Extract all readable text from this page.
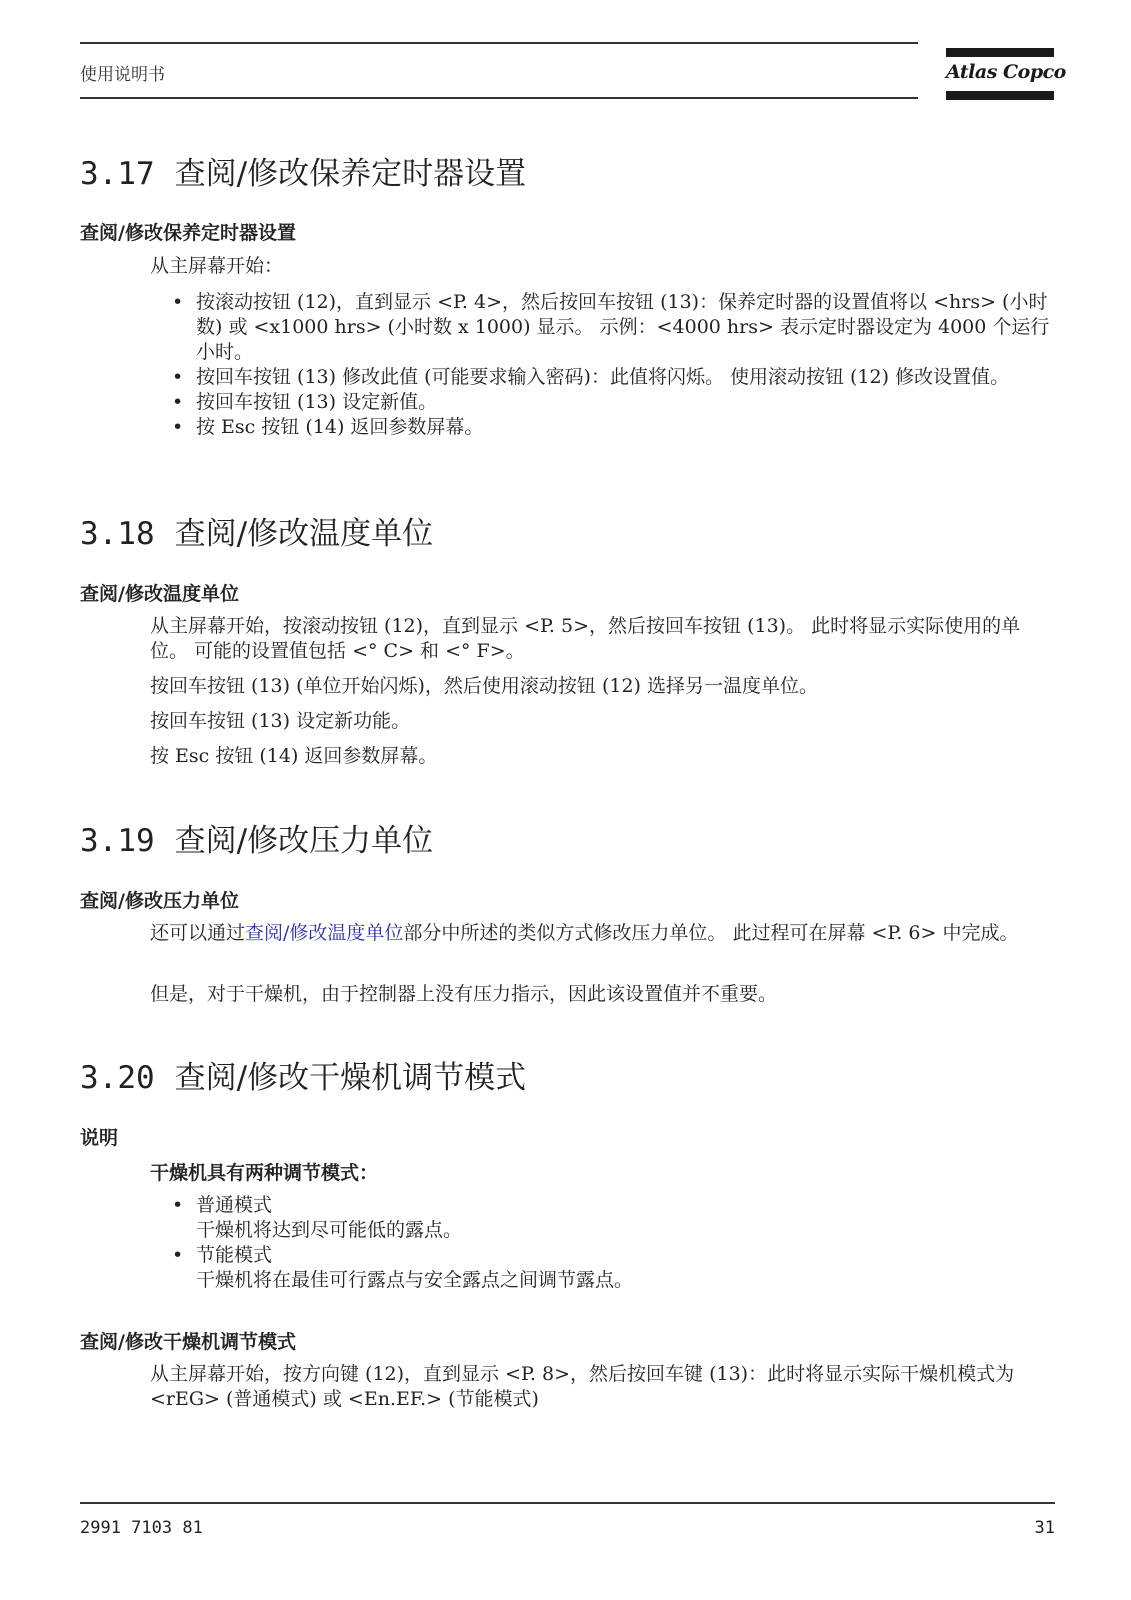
使用说明书	Atlas Copco
3.17 查阅/修改保养定时器设置
查阅/修改保养定时器设置

从主屏幕开始：

• 按滚动按钮 (12)，直到显示 <P. 4>，然后按回车按钮 (13)：保养定时器的设置值将以 <hrs> (小时数) 或 <x1000 hrs> (小时数 x 1000) 显示。 示例：<4000 hrs> 表示定时器设定为 4000 个运行小时。
• 按回车按钮 (13) 修改此值 (可能要求输入密码)：此值将闪烁。 使用滚动按钮 (12) 修改设置值。
• 按回车按钮 (13) 设定新值。
• 按 Esc 按钮 (14) 返回参数屏幕。
3.18 查阅/修改温度单位
查阅/修改温度单位

从主屏幕开始，按滚动按钮 (12)，直到显示 <P. 5>，然后按回车按钮 (13)。 此时将显示实际使用的单位。 可能的设置值包括 <° C> 和 <° F>。

按回车按钮 (13) (单位开始闪烁)，然后使用滚动按钮 (12) 选择另一温度单位。

按回车按钮 (13) 设定新功能。

按 Esc 按钮 (14) 返回参数屏幕。

3.19 查阅/修改压力单位
查阅/修改压力单位

还可以通过查阅/修改温度单位部分中所述的类似方式修改压力单位。 此过程可在屏幕 <P. 6> 中完成。

但是，对于干燥机，由于控制器上没有压力指示，因此该设置值并不重要。

3.20 查阅/修改干燥机调节模式
说明
干燥机具有两种调节模式：
• 普通模式
干燥机将达到尽可能低的露点。
• 节能模式
干燥机将在最佳可行露点与安全露点之间调节露点。
查阅/修改干燥机调节模式

从主屏幕开始，按方向键 (12)，直到显示 <P. 8>，然后按回车键 (13)：此时将显示实际干燥机模式为 <rEG> (普通模式) 或 <En.EF.> (节能模式)

2991 7103 81	31
